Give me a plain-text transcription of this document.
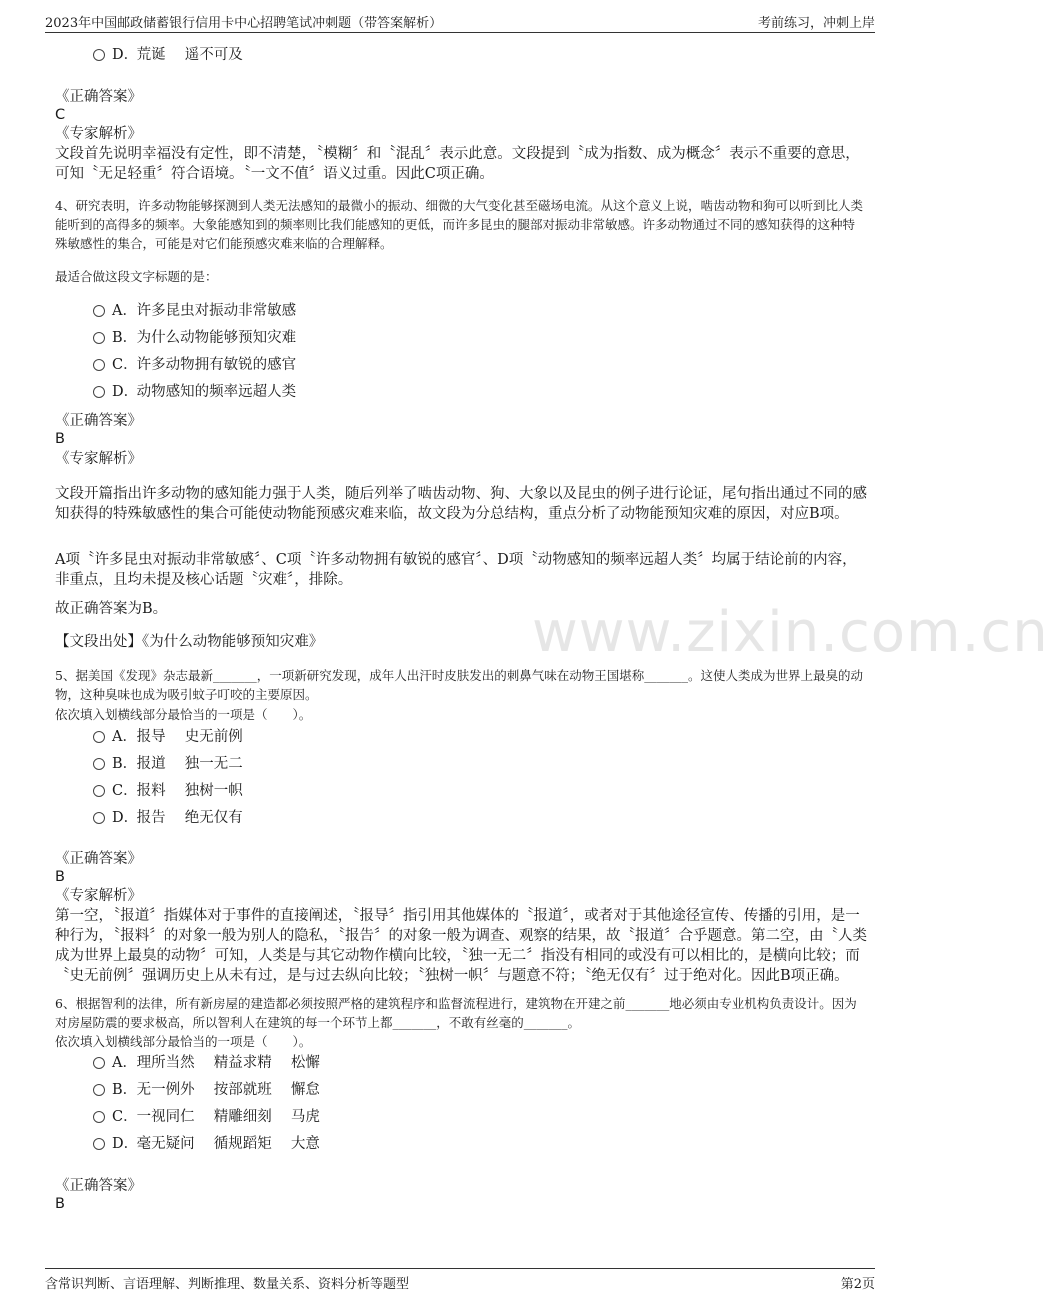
2023年中国邮政储蓄银行信用卡中心招聘笔试冲刺题（带答案解析）	考前练习，冲刺上岸
www.zixin.com.cn
D． 荒诞　 遥不可及
《正确答案》
C
《专家解析》
文段首先说明幸福没有定性，即不清楚，〝模糊〞和〝混乱〞表示此意。文段提到〝成为指数、成为概念〞表示不重要的意思，可知〝无足轻重〞符合语境。〝一文不值〞语义过重。因此C项正确。
4、研究表明，许多动物能够探测到人类无法感知的最微小的振动、细微的大气变化甚至磁场电流。从这个意义上说，啮齿动物和狗可以听到比人类能听到的高得多的频率。大象能感知到的频率则比我们能感知的更低，而许多昆虫的腿部对振动非常敏感。许多动物通过不同的感知获得的这种特殊敏感性的集合，可能是对它们能预感灾难来临的合理解释。
最适合做这段文字标题的是：
A． 许多昆虫对振动非常敏感
B． 为什么动物能够预知灾难
C． 许多动物拥有敏锐的感官
D． 动物感知的频率远超人类
《正确答案》
B
《专家解析》
文段开篇指出许多动物的感知能力强于人类，随后列举了啮齿动物、狗、大象以及昆虫的例子进行论证，尾句指出通过不同的感知获得的特殊敏感性的集合可能使动物能预感灾难来临，故文段为分总结构，重点分析了动物能预知灾难的原因，对应B项。
A项〝许多昆虫对振动非常敏感〞、C项〝许多动物拥有敏锐的感官〞、D项〝动物感知的频率远超人类〞均属于结论前的内容，非重点，且均未提及核心话题〝灾难〞，排除。
故正确答案为B。
【文段出处】《为什么动物能够预知灾难》
5、据美国《发现》杂志最新_______，一项新研究发现，成年人出汗时皮肤发出的刺鼻气味在动物王国堪称_______。这使人类成为世界上最臭的动物，这种臭味也成为吸引蚊子叮咬的主要原因。
依次填入划横线部分最恰当的一项是（　　）。
A． 报导　 史无前例
B． 报道　 独一无二
C． 报料　 独树一帜
D． 报告　 绝无仅有
《正确答案》
B
《专家解析》
第一空，〝报道〞指媒体对于事件的直接阐述，〝报导〞指引用其他媒体的〝报道〞，或者对于其他途径宣传、传播的引用，是一种行为，〝报料〞的对象一般为别人的隐私，〝报告〞的对象一般为调查、观察的结果，故〝报道〞合乎题意。第二空，由〝人类成为世界上最臭的动物〞可知，人类是与其它动物作横向比较，〝独一无二〞指没有相同的或没有可以相比的，是横向比较；而〝史无前例〞强调历史上从未有过，是与过去纵向比较；〝独树一帜〞与题意不符；〝绝无仅有〞过于绝对化。因此B项正确。
6、根据智利的法律，所有新房屋的建造都必须按照严格的建筑程序和监督流程进行，建筑物在开建之前_______地必须由专业机构负责设计。因为对房屋防震的要求极高，所以智利人在建筑的每一个环节上都_______，不敢有丝毫的_______。
依次填入划横线部分最恰当的一项是（　　）。
A． 理所当然　 精益求精　 松懈
B． 无一例外　 按部就班　 懈怠
C． 一视同仁　 精雕细刻　 马虎
D． 毫无疑问　 循规蹈矩　 大意
《正确答案》
B
含常识判断、言语理解、判断推理、数量关系、资料分析等题型	第2页
